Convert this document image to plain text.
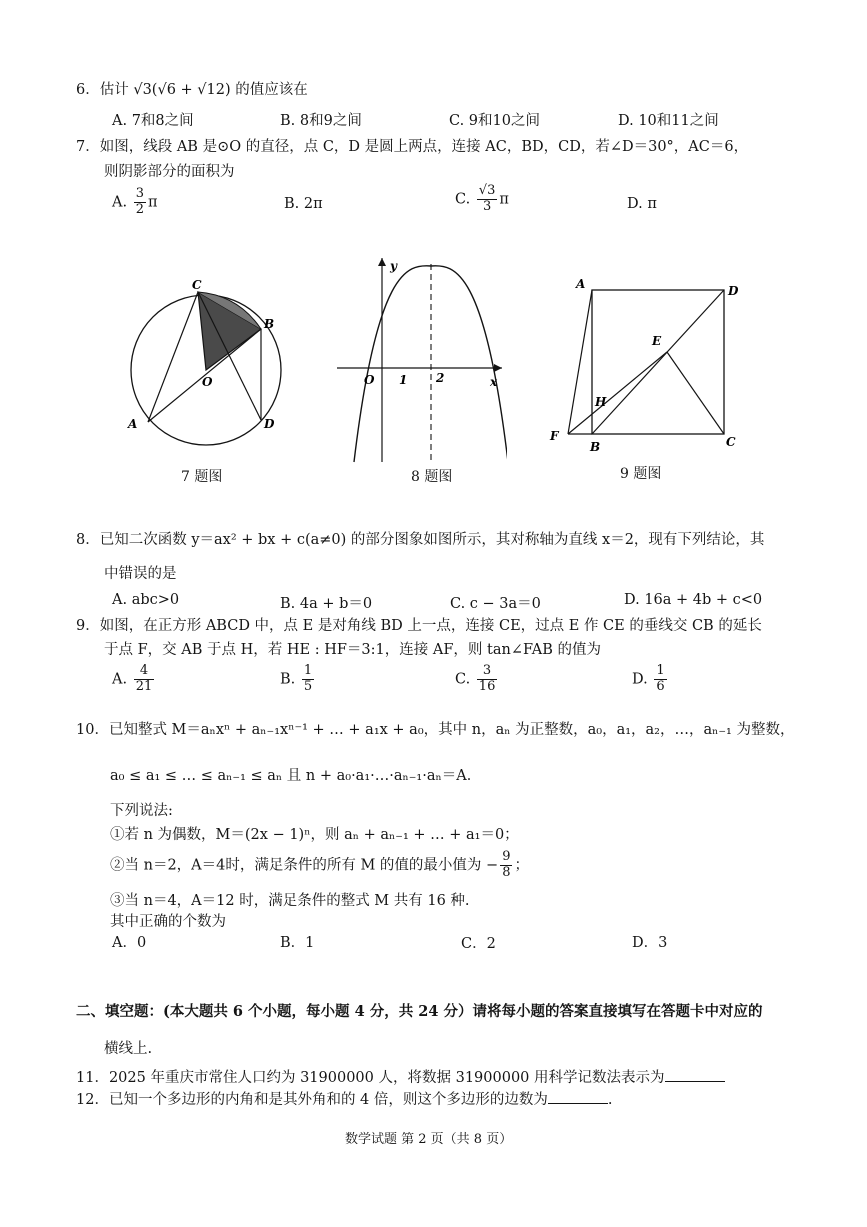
6．估计 √3(√6 + √12) 的值应该在
A. 7和8之间	B. 8和9之间	C. 9和10之间	D. 10和11之间
7．如图，线段 AB 是⊙O 的直径，点 C，D 是圆上两点，连接 AC，BD，CD，若∠D＝30°，AC＝6，
则阴影部分的面积为
A. $\frac{3}{2}$ π	B. 2π	C. $\frac{√3}{3}$ π	D. π
C
B
O
A	D
7 题图
y
O 1 2	x
8 题图
A	D
E
H
F
B	C
9 题图
8．已知二次函数 y＝ax² + bx + c(a≠0) 的部分图象如图所示，其对称轴为直线 x＝2，现有下列结论，其
中错误的是
A. abc>0	B. 4a + b＝0	C. c − 3a＝0	D. 16a + 4b + c<0
9．如图，在正方形 ABCD 中，点 E 是对角线 BD 上一点，连接 CE，过点 E 作 CE 的垂线交 CB 的延长
于点 F，交 AB 于点 H，若 HE : HF＝3:1，连接 AF，则 tan∠FAB 的值为
A. $\frac{4}{21}$	B. $\frac{1}{5}$	C. $\frac{3}{16}$	D. $\frac{1}{6}$
10．已知整式 M＝aₙxⁿ + aₙ₋₁xⁿ⁻¹ + … + a₁x + a₀，其中 n，aₙ 为正整数，a₀，a₁，a₂，…，aₙ₋₁ 为整数，
a₀ ≤ a₁ ≤ … ≤ aₙ₋₁ ≤ aₙ 且 n + a₀·a₁·…·aₙ₋₁·aₙ＝A．
下列说法:
①若 n 为偶数，M＝(2x − 1)ⁿ，则 aₙ + aₙ₋₁ + … + a₁＝0；
②当 n＝2，A＝4时，满足条件的所有 M 的值的最小值为 − $\frac{9}{8}$ ；
③当 n＝4，A＝12 时，满足条件的整式 M 共有 16 种.
其中正确的个数为
A．0	B．1	C．2	D．3
二、填空题：(本大题共 6 个小题，每小题 4 分，共 24 分）请将每小题的答案直接填写在答题卡中对应的
横线上.
11．2025 年重庆市常住人口约为 31900000 人，将数据 31900000 用科学记数法表示为
12．已知一个多边形的内角和是其外角和的 4 倍，则这个多边形的边数为	.
数学试题 第 2 页（共 8 页）
